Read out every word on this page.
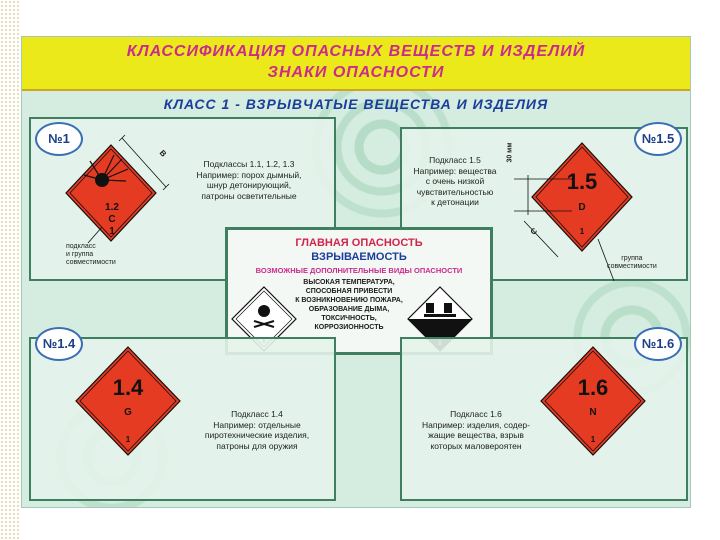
КЛАССИФИКАЦИЯ ОПАСНЫХ ВЕЩЕСТВ И ИЗДЕЛИЙ
ЗНАКИ ОПАСНОСТИ
КЛАСС 1 - ВЗРЫВЧАТЫЕ ВЕЩЕСТВА И ИЗДЕЛИЯ
№1
1.2
C
1
B
подкласс
и группа
совместимости
Подклассы 1.1, 1.2, 1.3
Например: порох дымный,
шнур детонирующий,
патроны осветительные
№1.5
Подкласс 1.5
Например: вещества
с очень низкой
чувствительностью
к детонации
30 мм
C
1.5
D
1
группа
совместимости
ГЛАВНАЯ ОПАСНОСТЬ
ВЗРЫВАЕМОСТЬ
ВОЗМОЖНЫЕ ДОПОЛНИТЕЛЬНЫЕ ВИДЫ ОПАСНОСТИ
ВЫСОКАЯ ТЕМПЕРАТУРА,
СПОСОБНАЯ ПРИВЕСТИ
К ВОЗНИКНОВЕНИЮ ПОЖАРА,
ОБРАЗОВАНИЕ ДЫМА,
ТОКСИЧНОСТЬ,
КОРРОЗИОННОСТЬ
№1.4
1.4
G
1
Подкласс 1.4
Например: отдельные
пиротехнические изделия,
патроны для оружия
№1.6
Подкласс 1.6
Например: изделия, содер-
жащие вещества, взрыв
которых маловероятен
1.6
N
1
